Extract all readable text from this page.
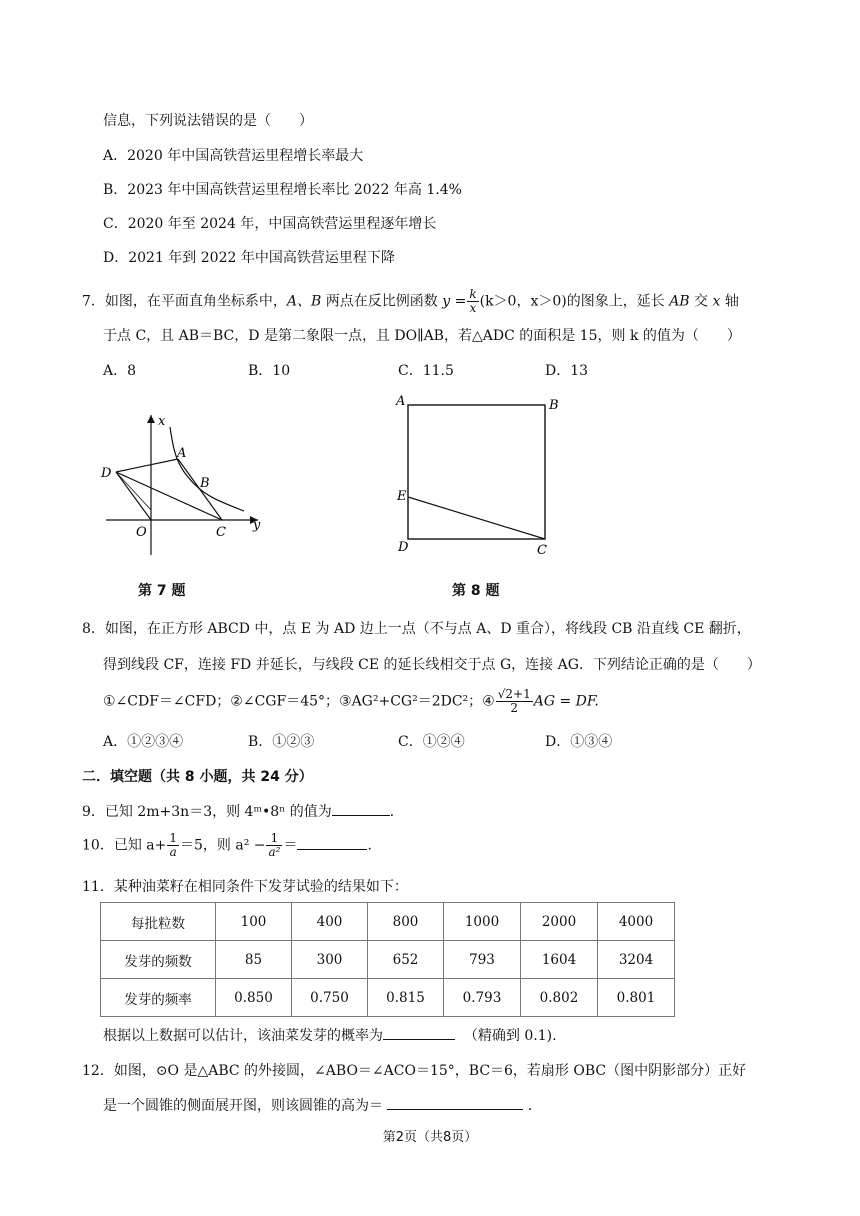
信息，下列说法错误的是（　　）
A．2020 年中国高铁营运里程增长率最大
B．2023 年中国高铁营运里程增长率比 2022 年高 1.4%
C．2020 年至 2024 年，中国高铁营运里程逐年增长
D．2021 年到 2022 年中国高铁营运里程下降
7．如图，在平面直角坐标系中，A、B 两点在反比例函数 $y = \frac{k}{x} (k>0$，x＞0)的图象上，延长 AB 交 x 轴
于点 C，且 AB＝BC，D 是第二象限一点，且 DO∥AB，若△ADC 的面积是 15，则 k 的值为（　　）
A．8	B．10	C．11.5	D．13
x
y
A
B
C
D
O
A	B
C
D
E
第 7 题	第 8 题
8．如图，在正方形 ABCD 中，点 E 为 AD 边上一点（不与点 A、D 重合），将线段 CB 沿直线 CE 翻折，
得到线段 CF，连接 FD 并延长，与线段 CE 的延长线相交于点 G，连接 AG．下列结论正确的是（　　）
①∠CDF＝∠CFD；②∠CGF＝45°；③AG²+CG²＝2DC²；④ $\frac{√2+1}{2}$ AG = DF.
A．①②③④	B．①②③	C．①②④	D．①③④
二．填空题（共 8 小题，共 24 分）
9．已知 2m+3n＝3，则 4ᵐ•8ⁿ 的值为	．
10．已知 $a+ \frac{1}{a} =5$，则 $a^2 - \frac{1}{\text{a²}}$ ＝	.
11．某种油菜籽在相同条件下发芽试验的结果如下：
每批粒数	100	400	800	1000	2000	4000
发芽的频数	85	300	652	793	1604	3204
发芽的频率	0.850	0.750	0.815	0.793	0.802	0.801
根据以上数据可以估计，该油菜发芽的概率为	（精确到 0.1).
12．如图，⊙O 是△ABC 的外接圆，∠ABO＝∠ACO＝15°，BC＝6，若扇形 OBC（图中阴影部分）正好
是一个圆锥的侧面展开图，则该圆锥的高为＝	．
第2页（共8页）
